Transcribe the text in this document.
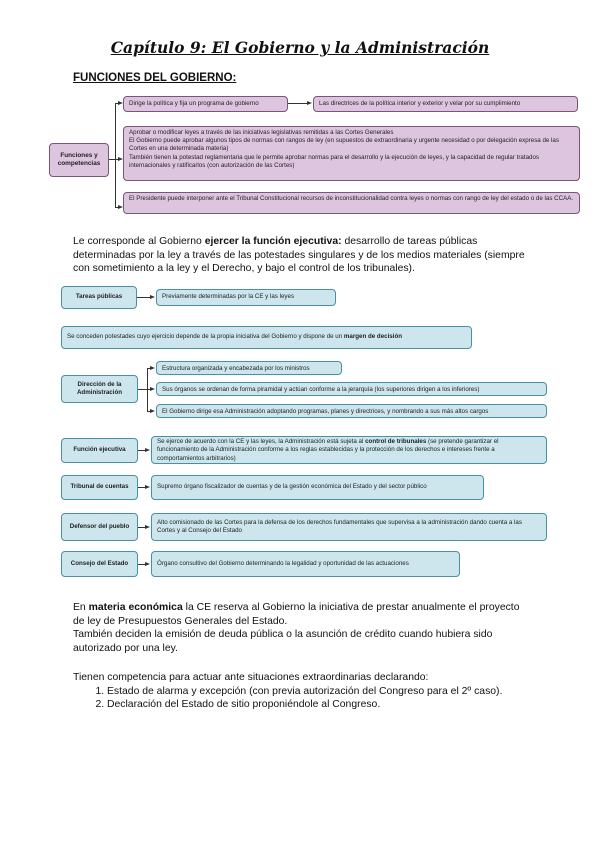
Capítulo 9: El Gobierno y la Administración
FUNCIONES DEL GOBIERNO:
Funciones y competencias
Dirige la política y fija un programa de gobierno	Las directrices de la política interior y exterior y velar por su cumplimiento
Aprobar o modificar leyes a través de las iniciativas legislativas remitidas a las Cortes Generales
El Gobierno puede aprobar algunos tipos de normas con rangos de ley (en supuestos de extraordinaria y urgente necesidad o por delegación expresa de las Cortes en una determinada materia)
También tienen la potestad reglamentaria que le permite aprobar normas para el desarrollo y la ejecución de leyes, y la capacidad de regular tratados internacionales y ratificarlos (con autorización de las Cortes)
El Presidente puede interponer ante el Tribunal Constitucional recursos de inconstitucionalidad contra leyes o normas con rango de ley del estado o de las CCAA.
Le corresponde al Gobierno ejercer la función ejecutiva: desarrollo de tareas públicas determinadas por la ley a través de las potestades singulares y de los medios materiales (siempre con sometimiento a la ley y el Derecho, y bajo el control de los tribunales).
Tareas públicas	Previamente determinadas por la CE y las leyes
Se conceden potestades cuyo ejercicio depende de la propia iniciativa del Gobierno y dispone de un margen de decisión
Dirección de la Administración
Estructura organizada y encabezada por los ministros
Sus órganos se ordenan de forma piramidal y actúan conforme a la jerarquía (los superiores dirigen a los inferiores)
El Gobierno dirige esa Administración adoptando programas, planes y directrices, y nombrando a sus más altos cargos
Función ejecutiva
Se ejerce de acuerdo con la CE y las leyes, la Administración está sujeta al control de tribunales (se pretende garantizar el funcionamiento de la Administración conforme a los reglas establecidas y la protección de los derechos e intereses frente a comportamientos arbitrarios)
Tribunal de cuentas	Supremo órgano fiscalizador de cuentas y de la gestión económica del Estado y del sector público
Defensor del pueblo
Alto comisionado de las Cortes para la defensa de los derechos fundamentales que supervisa a la administración dando cuenta a las Cortes y al Consejo del Estado
Consejo del Estado	Órgano consultivo del Gobierno determinando la legalidad y oportunidad de las actuaciones
En materia económica la CE reserva al Gobierno la iniciativa de prestar anualmente el proyecto de ley de Presupuestos Generales del Estado.
También deciden la emisión de deuda pública o la asunción de crédito cuando hubiera sido autorizado por una ley.
Tienen competencia para actuar ante situaciones extraordinarias declarando:
1. Estado de alarma y excepción (con previa autorización del Congreso para el 2º caso).
2. Declaración del Estado de sitio proponiéndole al Congreso.
